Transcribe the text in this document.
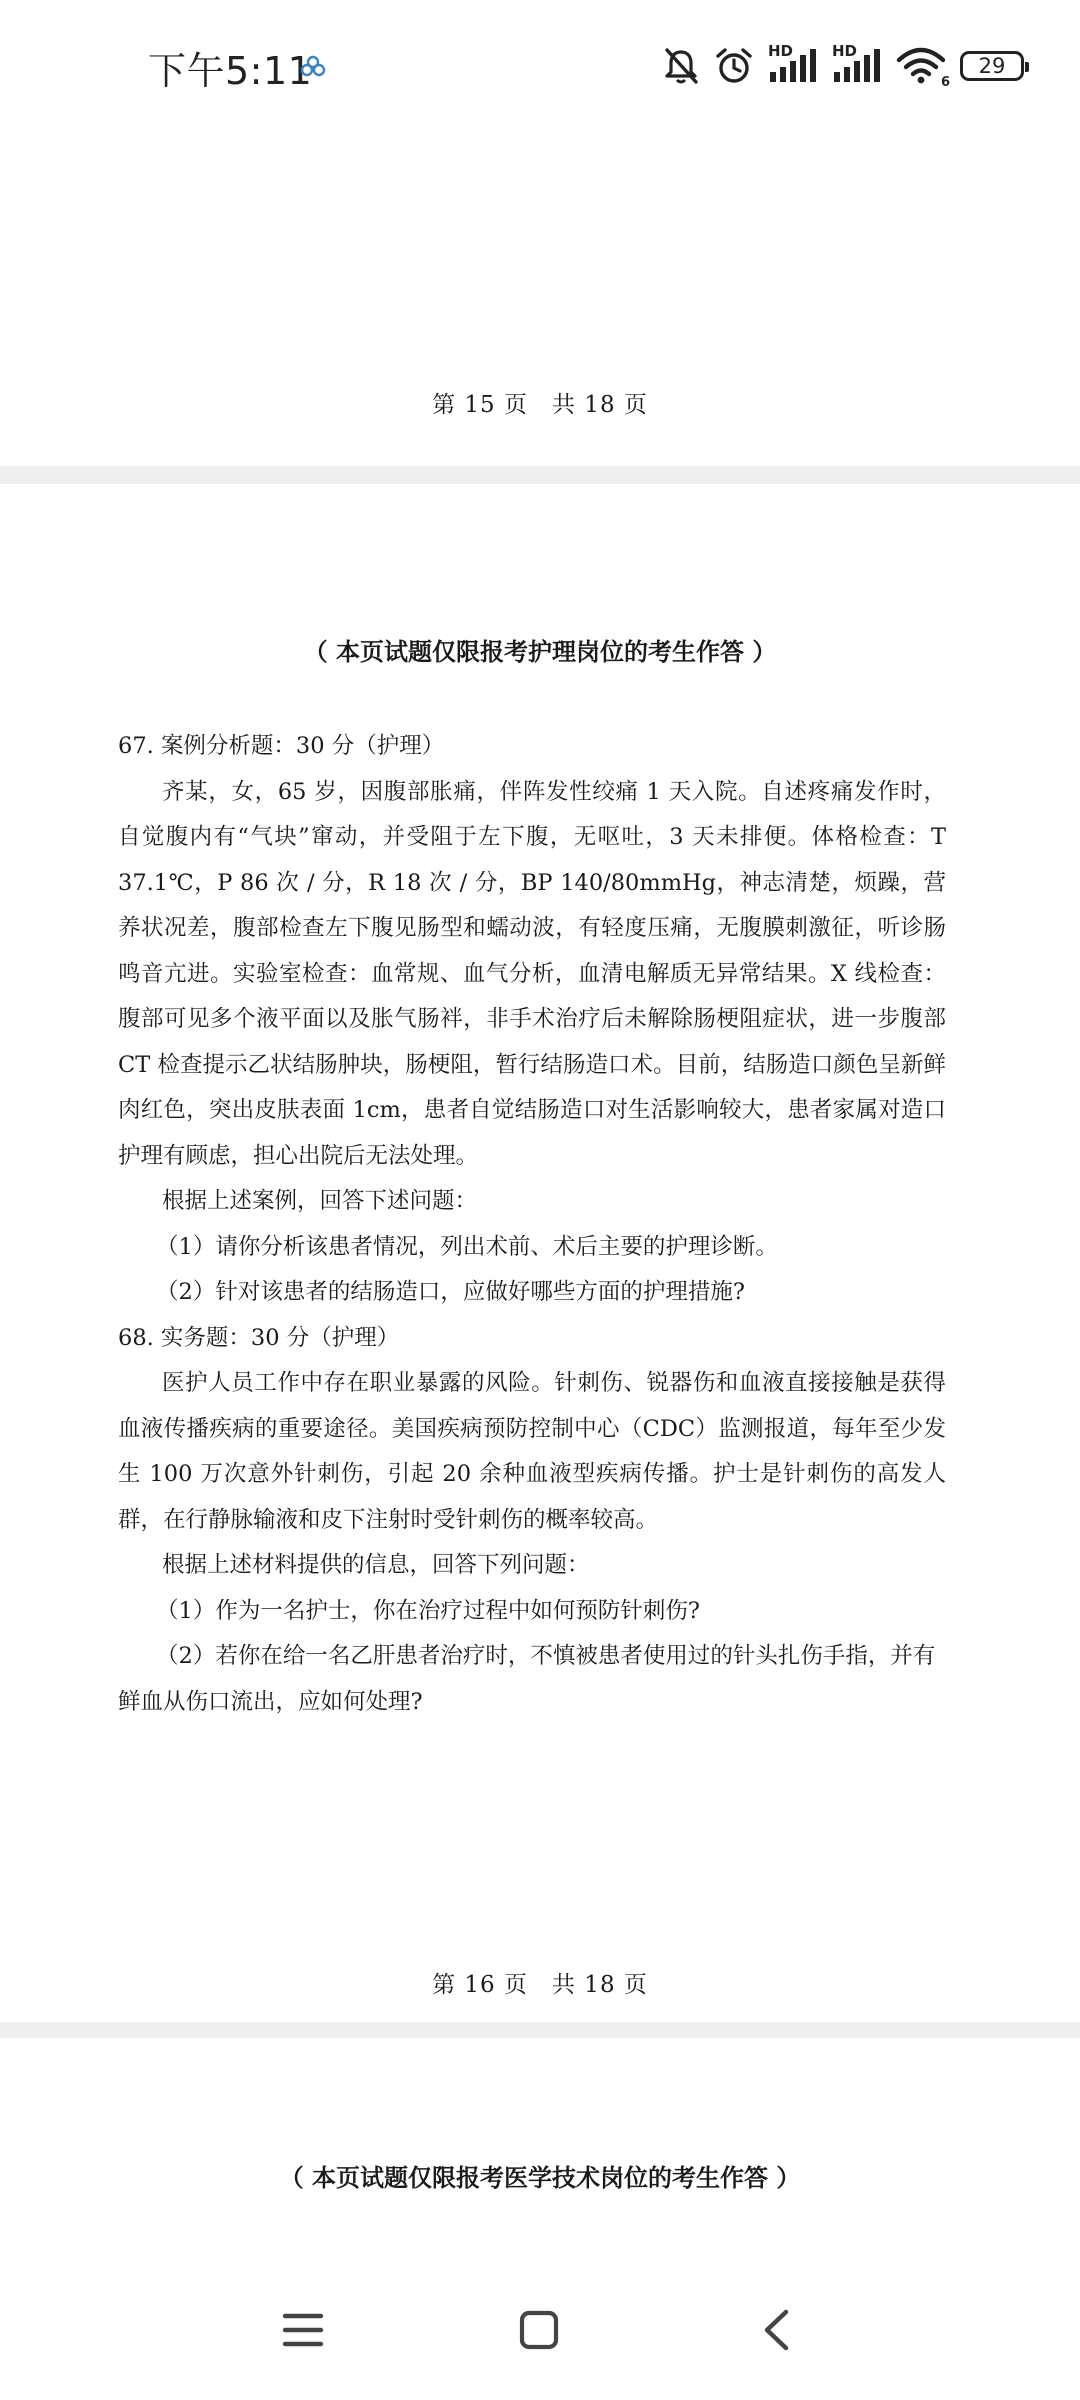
第 15 页　共 18 页
（ 本页试题仅限报考护理岗位的考生作答 ）

67. 案例分析题：30 分（护理）

齐某，女，65 岁，因腹部胀痛，伴阵发性绞痛 1 天入院。自述疼痛发作时，自觉腹内有“气块”窜动，并受阻于左下腹，无呕吐，3 天未排便。体格检查：T 37.1℃，P 86 次 / 分，R 18 次 / 分，BP 140/80mmHg，神志清楚，烦躁，营养状况差，腹部检查左下腹见肠型和蠕动波，有轻度压痛，无腹膜刺激征，听诊肠鸣音亢进。实验室检查：血常规、血气分析，血清电解质无异常结果。X 线检查：腹部可见多个液平面以及胀气肠袢，非手术治疗后未解除肠梗阻症状，进一步腹部 CT 检查提示乙状结肠肿块，肠梗阻，暂行结肠造口术。目前，结肠造口颜色呈新鲜肉红色，突出皮肤表面 1cm，患者自觉结肠造口对生活影响较大，患者家属对造口护理有顾虑，担心出院后无法处理。

根据上述案例，回答下述问题：

（1）请你分析该患者情况，列出术前、术后主要的护理诊断。

（2）针对该患者的结肠造口，应做好哪些方面的护理措施?

68. 实务题：30 分（护理）

医护人员工作中存在职业暴露的风险。针刺伤、锐器伤和血液直接接触是获得血液传播疾病的重要途径。美国疾病预防控制中心（CDC）监测报道，每年至少发生 100 万次意外针刺伤，引起 20 余种血液型疾病传播。护士是针刺伤的高发人群，在行静脉输液和皮下注射时受针刺伤的概率较高。

根据上述材料提供的信息，回答下列问题：

（1）作为一名护士，你在治疗过程中如何预防针刺伤?

（2）若你在给一名乙肝患者治疗时，不慎被患者使用过的针头扎伤手指，并有鲜血从伤口流出，应如何处理?

第 16 页　共 18 页
（ 本页试题仅限报考医学技术岗位的考生作答 ）
下午5:11	HD	HD
6
29
